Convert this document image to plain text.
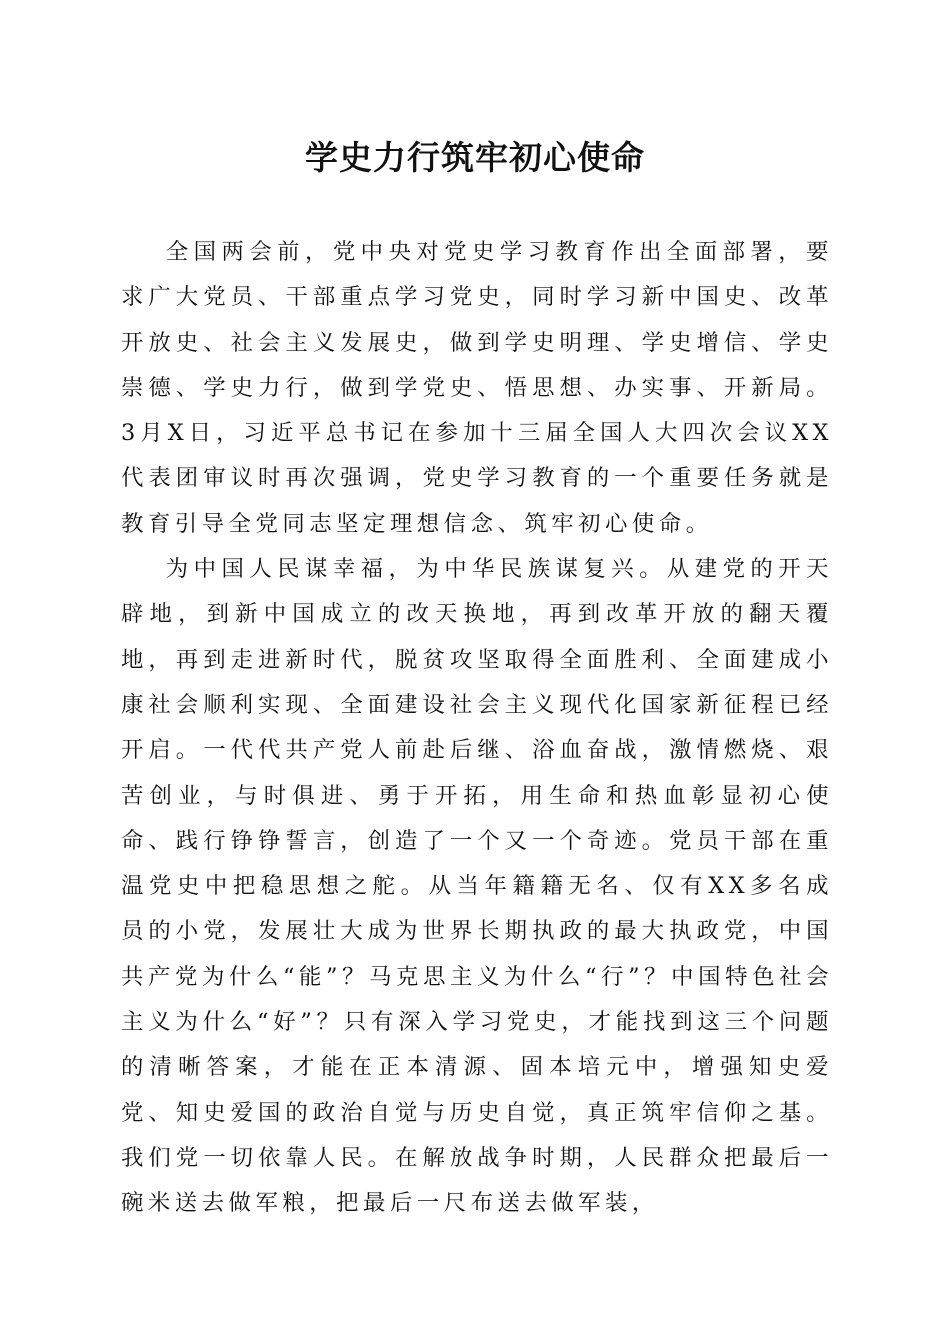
学史力行筑牢初心使命

全国两会前，党中央对党史学习教育作出全面部署，要求广大党员、干部重点学习党史，同时学习新中国史、改革开放史、社会主义发展史，做到学史明理、学史增信、学史崇德、学史力行，做到学党史、悟思想、办实事、开新局。3月X日，习近平总书记在参加十三届全国人大四次会议XX代表团审议时再次强调，党史学习教育的一个重要任务就是教育引导全党同志坚定理想信念、筑牢初心使命。

为中国人民谋幸福，为中华民族谋复兴。从建党的开天辟地，到新中国成立的改天换地，再到改革开放的翻天覆地，再到走进新时代，脱贫攻坚取得全面胜利、全面建成小康社会顺利实现、全面建设社会主义现代化国家新征程已经开启。一代代共产党人前赴后继、浴血奋战，激情燃烧、艰苦创业，与时俱进、勇于开拓，用生命和热血彰显初心使命、践行铮铮誓言，创造了一个又一个奇迹。党员干部在重温党史中把稳思想之舵。从当年籍籍无名、仅有XX多名成员的小党，发展壮大成为世界长期执政的最大执政党，中国共产党为什么“能”？马克思主义为什么“行”？中国特色社会主义为什么“好”？只有深入学习党史，才能找到这三个问题的清晰答案，才能在正本清源、固本培元中，增强知史爱党、知史爱国的政治自觉与历史自觉，真正筑牢信仰之基。我们党一切依靠人民。在解放战争时期，人民群众把最后一碗米送去做军粮，把最后一尺布送去做军装，
